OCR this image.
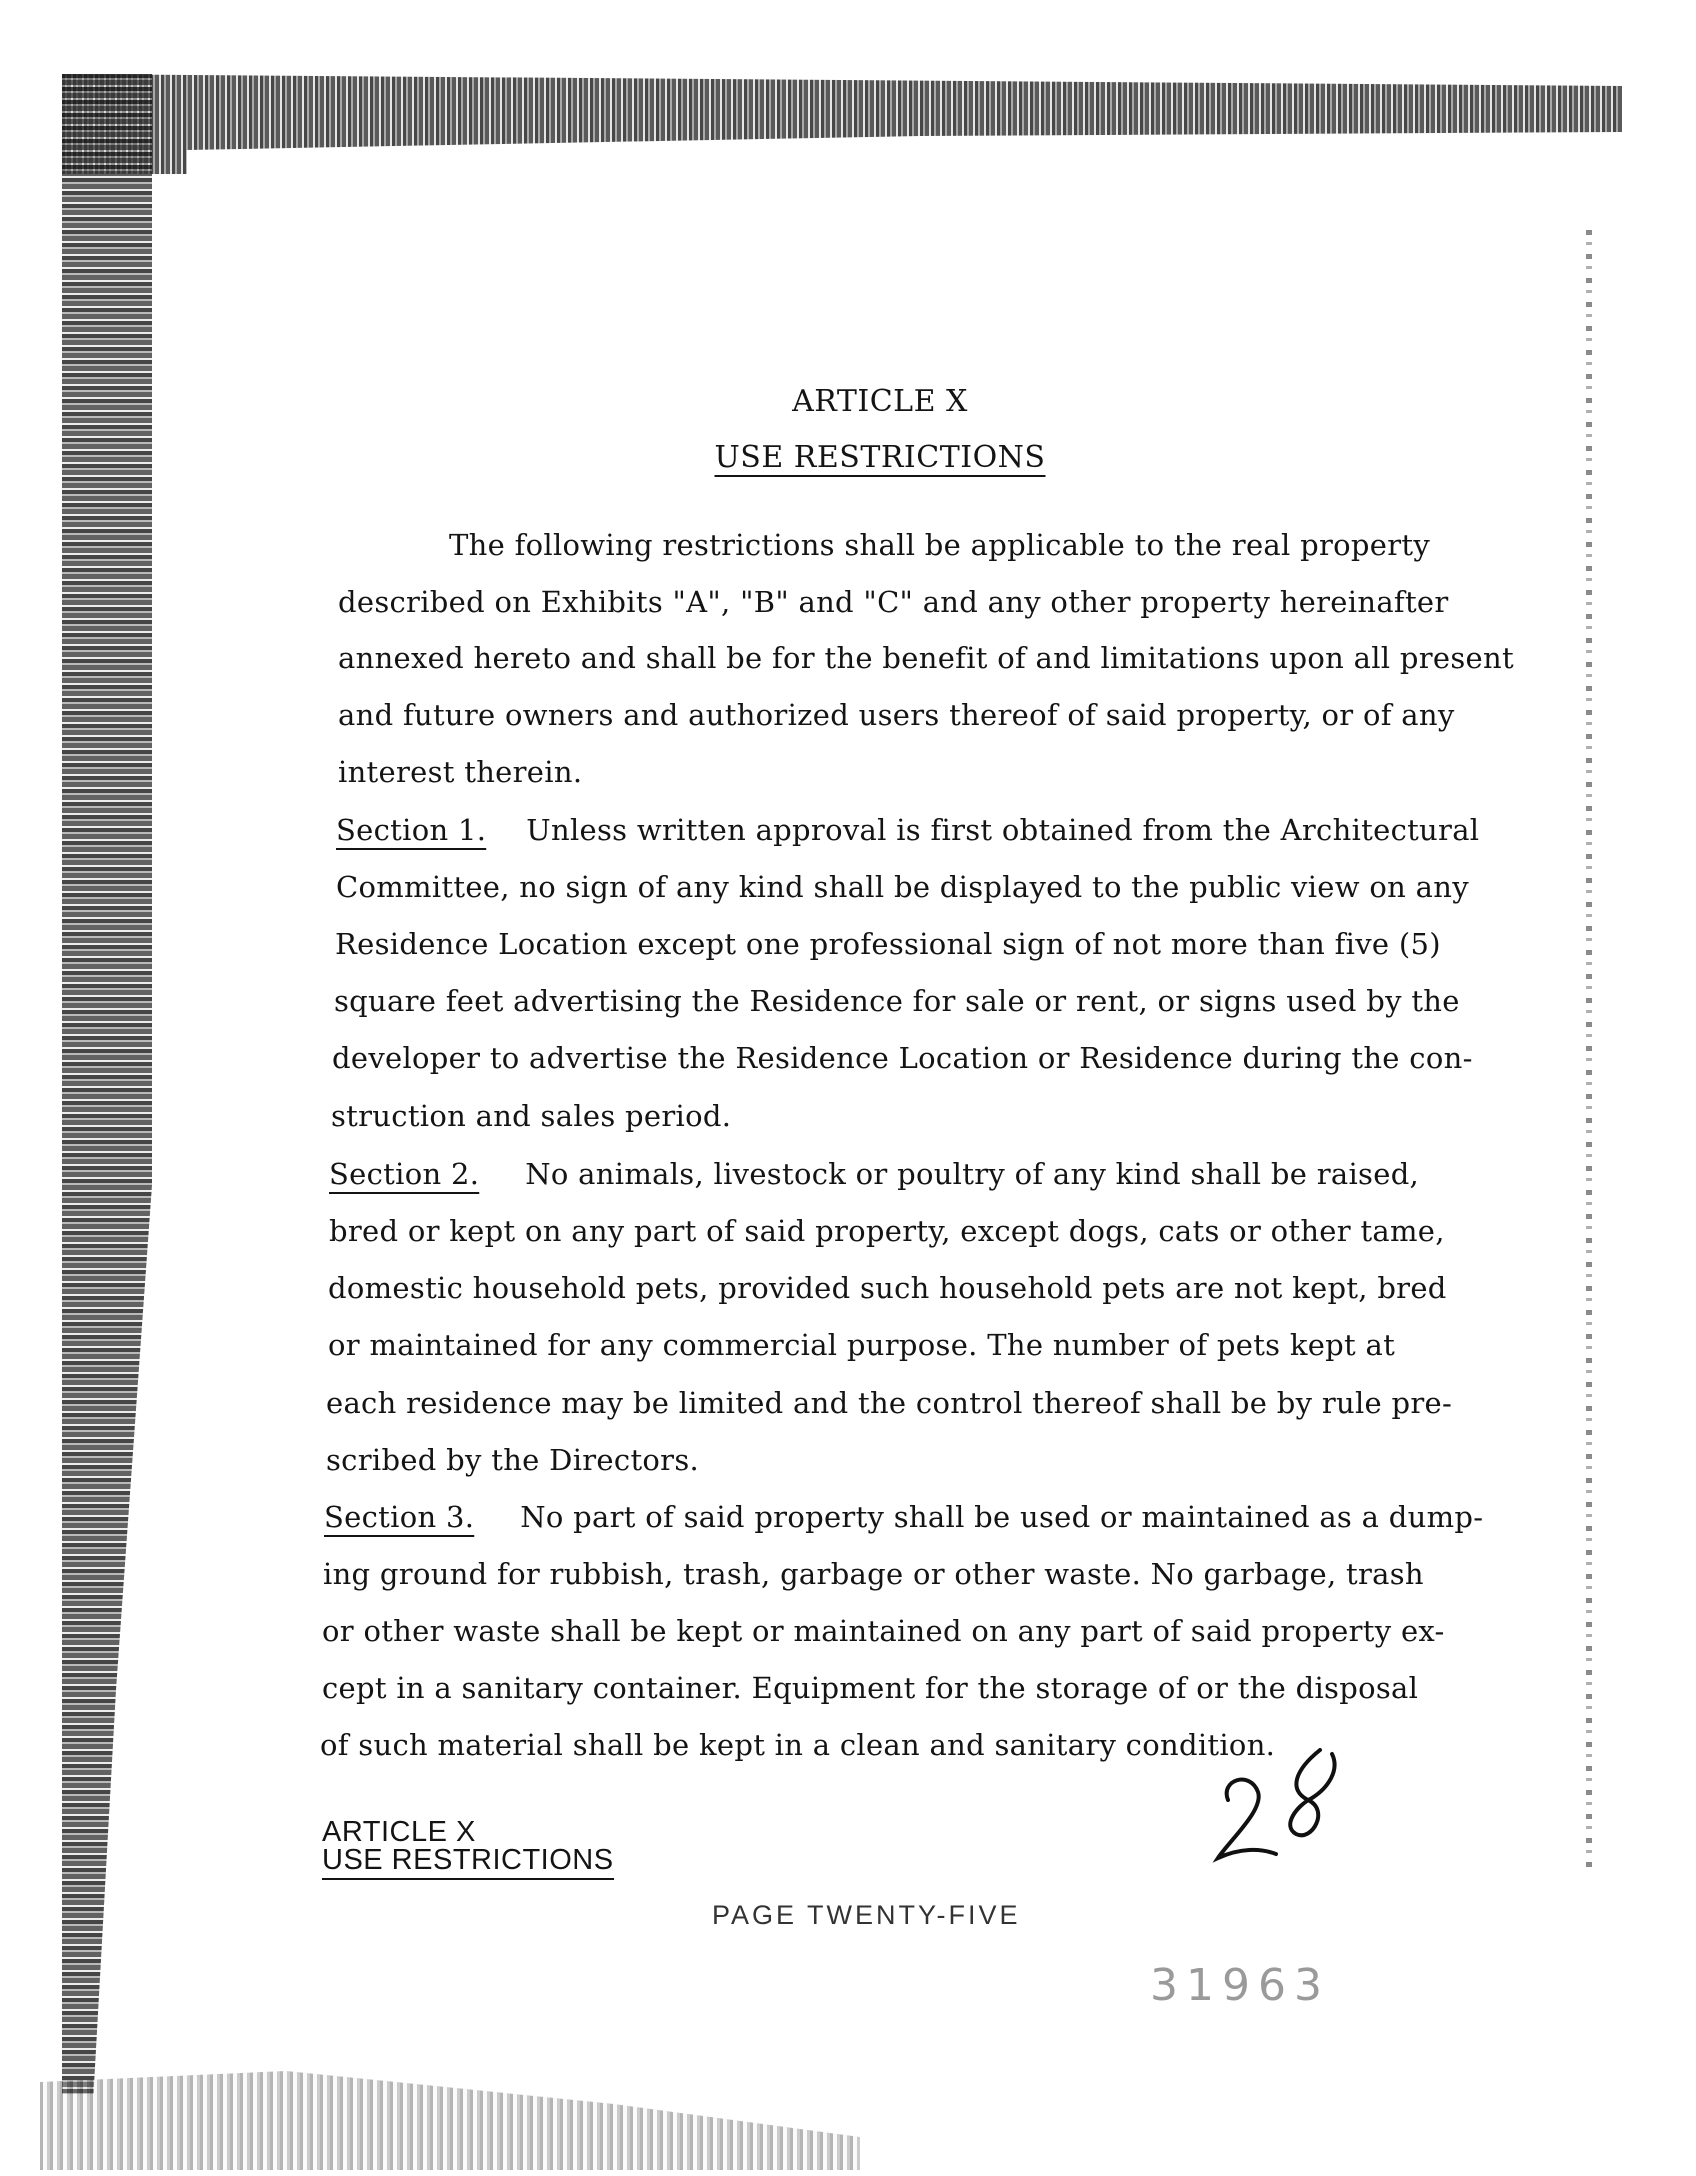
ARTICLE X
USE RESTRICTIONS
The following restrictions shall be applicable to the real property
described on Exhibits "A", "B" and "C" and any other property hereinafter
annexed hereto and shall be for the benefit of and limitations upon all present
and future owners and authorized users thereof of said property, or of any
interest therein.
Section 1. Unless written approval is first obtained from the Architectural
Committee, no sign of any kind shall be displayed to the public view on any
Residence Location except one professional sign of not more than five (5)
square feet advertising the Residence for sale or rent, or signs used by the
developer to advertise the Residence Location or Residence during the con-
struction and sales period.
Section 2. No animals, livestock or poultry of any kind shall be raised,
bred or kept on any part of said property, except dogs, cats or other tame,
domestic household pets, provided such household pets are not kept, bred
or maintained for any commercial purpose. The number of pets kept at
each residence may be limited and the control thereof shall be by rule pre-
scribed by the Directors.
Section 3. No part of said property shall be used or maintained as a dump-
ing ground for rubbish, trash, garbage or other waste. No garbage, trash
or other waste shall be kept or maintained on any part of said property ex-
cept in a sanitary container. Equipment for the storage of or the disposal
of such material shall be kept in a clean and sanitary condition.
ARTICLE X
USE RESTRICTIONS
PAGE TWENTY-FIVE
31963
